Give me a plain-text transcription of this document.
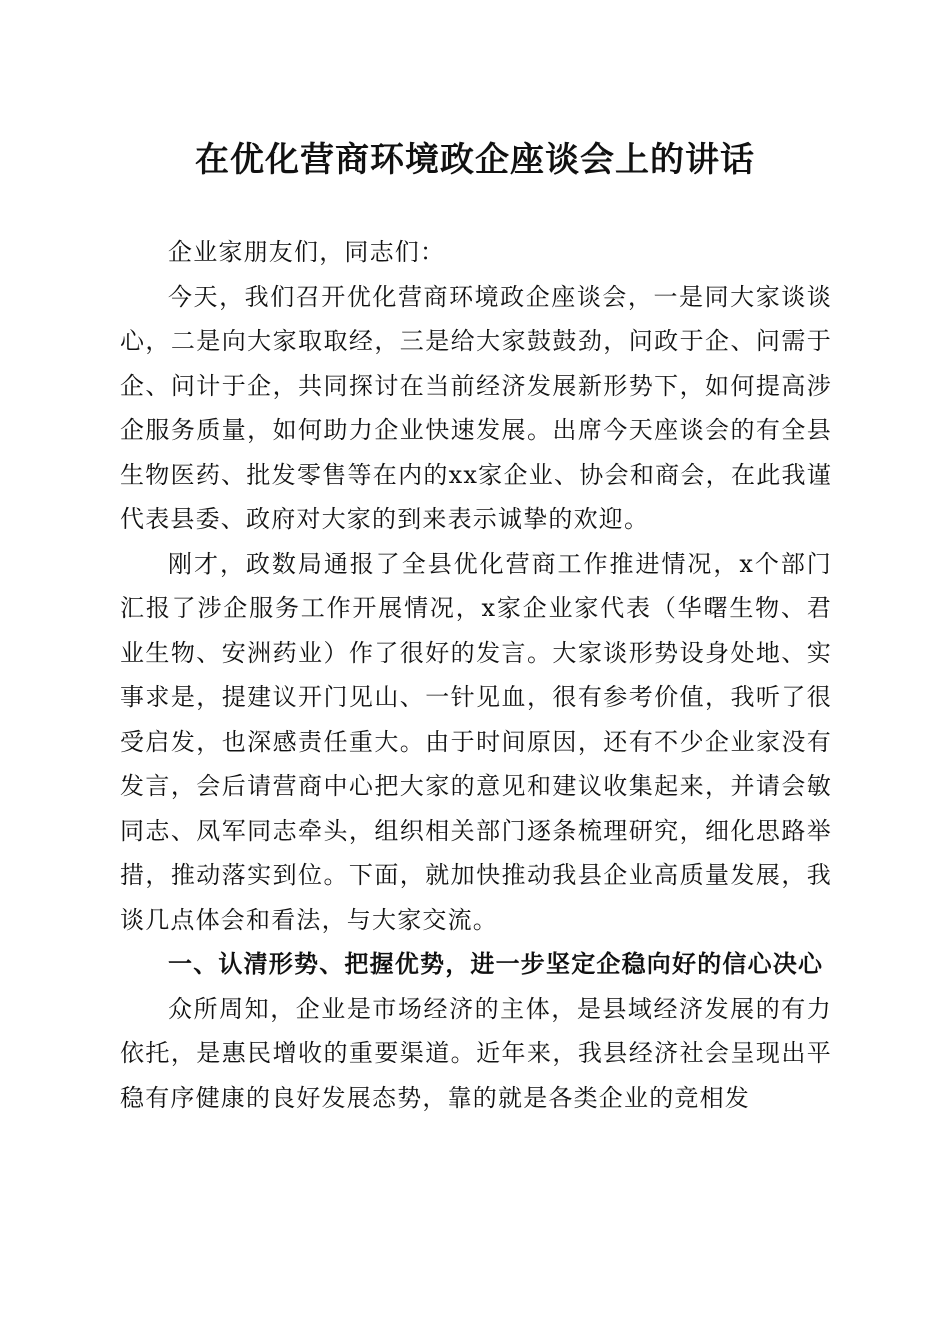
在优化营商环境政企座谈会上的讲话

企业家朋友们，同志们：

今天，我们召开优化营商环境政企座谈会，一是同大家谈谈心，二是向大家取取经，三是给大家鼓鼓劲，问政于企、问需于企、问计于企，共同探讨在当前经济发展新形势下，如何提高涉企服务质量，如何助力企业快速发展。出席今天座谈会的有全县生物医药、批发零售等在内的xx家企业、协会和商会，在此我谨代表县委、政府对大家的到来表示诚挚的欢迎。

刚才，政数局通报了全县优化营商工作推进情况，x个部门汇报了涉企服务工作开展情况，x家企业家代表（华曙生物、君业生物、安洲药业）作了很好的发言。大家谈形势设身处地、实事求是，提建议开门见山、一针见血，很有参考价值，我听了很受启发，也深感责任重大。由于时间原因，还有不少企业家没有发言，会后请营商中心把大家的意见和建议收集起来，并请会敏同志、凤军同志牵头，组织相关部门逐条梳理研究，细化思路举措，推动落实到位。下面，就加快推动我县企业高质量发展，我谈几点体会和看法，与大家交流。

一、认清形势、把握优势，进一步坚定企稳向好的信心决心

众所周知，企业是市场经济的主体，是县域经济发展的有力依托，是惠民增收的重要渠道。近年来，我县经济社会呈现出平稳有序健康的良好发展态势，靠的就是各类企业的竞相发
